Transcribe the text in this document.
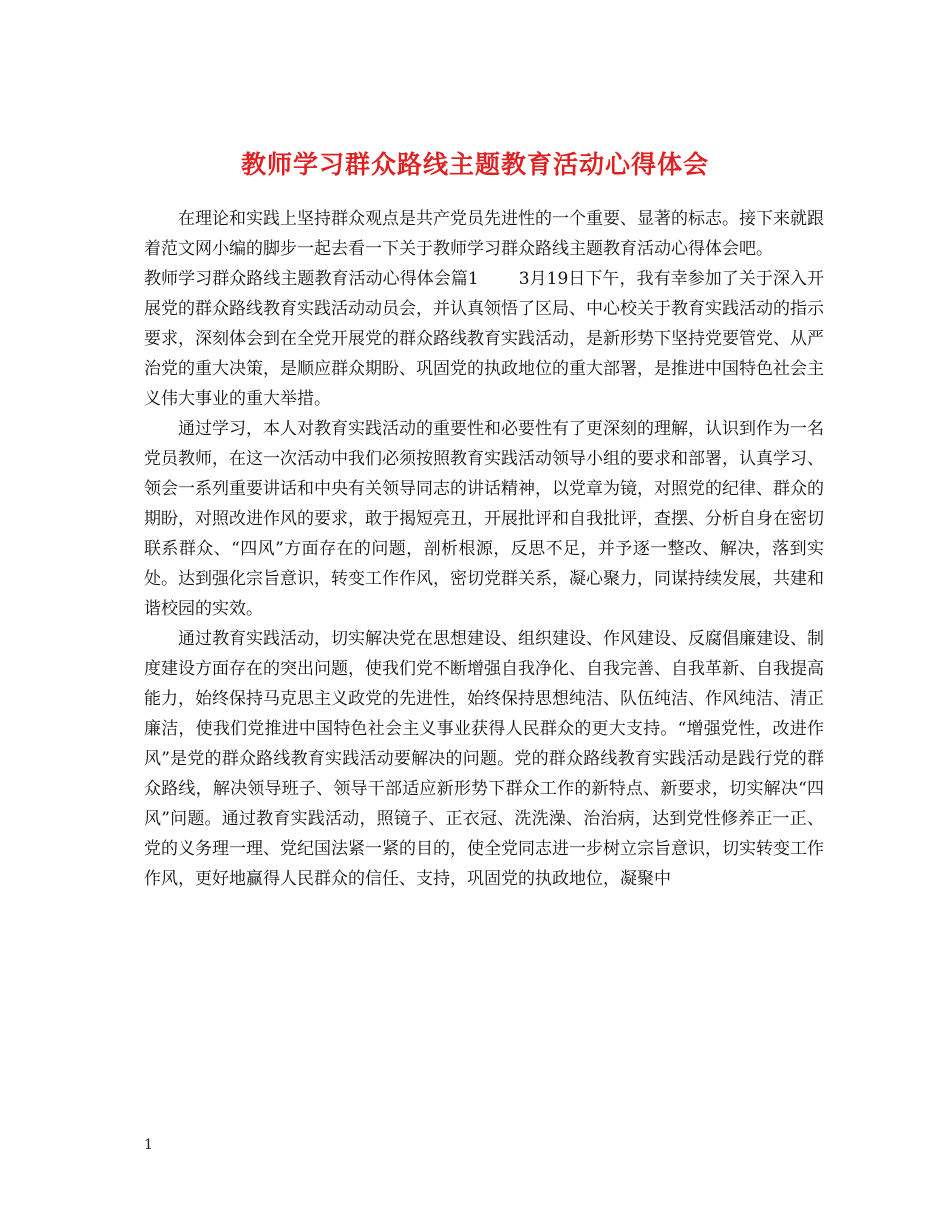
教师学习群众路线主题教育活动心得体会

在理论和实践上坚持群众观点是共产党员先进性的一个重要、显著的标志。接下来就跟着范文网小编的脚步一起去看一下关于教师学习群众路线主题教育活动心得体会吧。

教师学习群众路线主题教育活动心得体会篇1 3月19日下午，我有幸参加了关于深入开展党的群众路线教育实践活动动员会，并认真领悟了区局、中心校关于教育实践活动的指示要求，深刻体会到在全党开展党的群众路线教育实践活动，是新形势下坚持党要管党、从严治党的重大决策，是顺应群众期盼、巩固党的执政地位的重大部署，是推进中国特色社会主义伟大事业的重大举措。

通过学习，本人对教育实践活动的重要性和必要性有了更深刻的理解，认识到作为一名党员教师，在这一次活动中我们必须按照教育实践活动领导小组的要求和部署，认真学习、领会一系列重要讲话和中央有关领导同志的讲话精神，以党章为镜，对照党的纪律、群众的期盼，对照改进作风的要求，敢于揭短亮丑，开展批评和自我批评，查摆、分析自身在密切联系群众、“四风”方面存在的问题，剖析根源，反思不足，并予逐一整改、解决，落到实处。达到强化宗旨意识，转变工作作风，密切党群关系，凝心聚力，同谋持续发展，共建和谐校园的实效。

通过教育实践活动，切实解决党在思想建设、组织建设、作风建设、反腐倡廉建设、制度建设方面存在的突出问题，使我们党不断增强自我净化、自我完善、自我革新、自我提高能力，始终保持马克思主义政党的先进性，始终保持思想纯洁、队伍纯洁、作风纯洁、清正廉洁，使我们党推进中国特色社会主义事业获得人民群众的更大支持。“增强党性，改进作风”是党的群众路线教育实践活动要解决的问题。党的群众路线教育实践活动是践行党的群众路线，解决领导班子、领导干部适应新形势下群众工作的新特点、新要求，切实解决“四风”问题。通过教育实践活动，照镜子、正衣冠、洗洗澡、治治病，达到党性修养正一正、党的义务理一理、党纪国法紧一紧的目的，使全党同志进一步树立宗旨意识，切实转变工作作风，更好地赢得人民群众的信任、支持，巩固党的执政地位，凝聚中

1
